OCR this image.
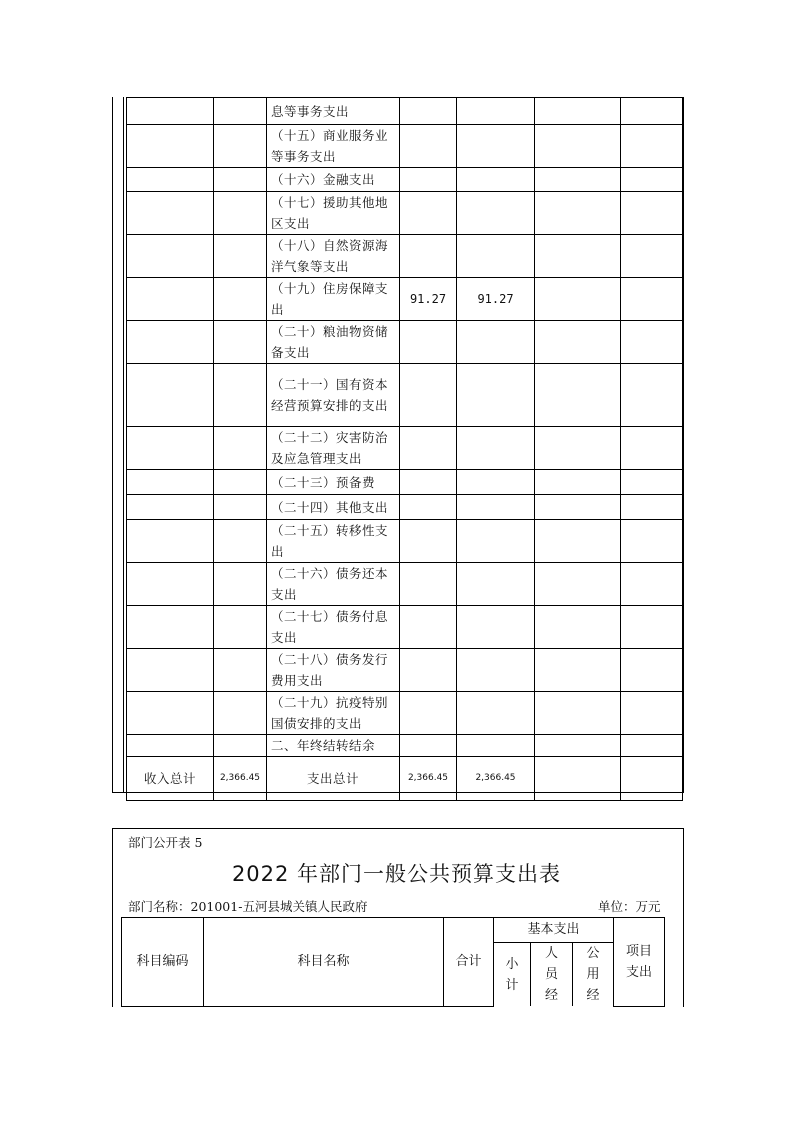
		息等事务支出				
		（十五）商业服务业等事务支出				
		（十六）金融支出				
		（十七）援助其他地区支出				
		（十八）自然资源海洋气象等支出				
		（十九）住房保障支出	91.27	91.27		
		（二十）粮油物资储备支出				
		（二十一）国有资本经营预算安排的支出				
		（二十二）灾害防治及应急管理支出				
		（二十三）预备费				
		（二十四）其他支出				
		（二十五）转移性支出				
		（二十六）债务还本支出				
		（二十七）债务付息支出				
		（二十八）债务发行费用支出				
		（二十九）抗疫特别国债安排的支出				
		二、年终结转结余				
收入总计	2,366.45	支出总计	2,366.45	2,366.45		
部门公开表 5
2022 年部门一般公共预算支出表
部门名称：201001-五河县城关镇人民政府	单位：万元
科目编码	科目名称	合计	基本支出			项目支出
			小计	人员经	公用经	
